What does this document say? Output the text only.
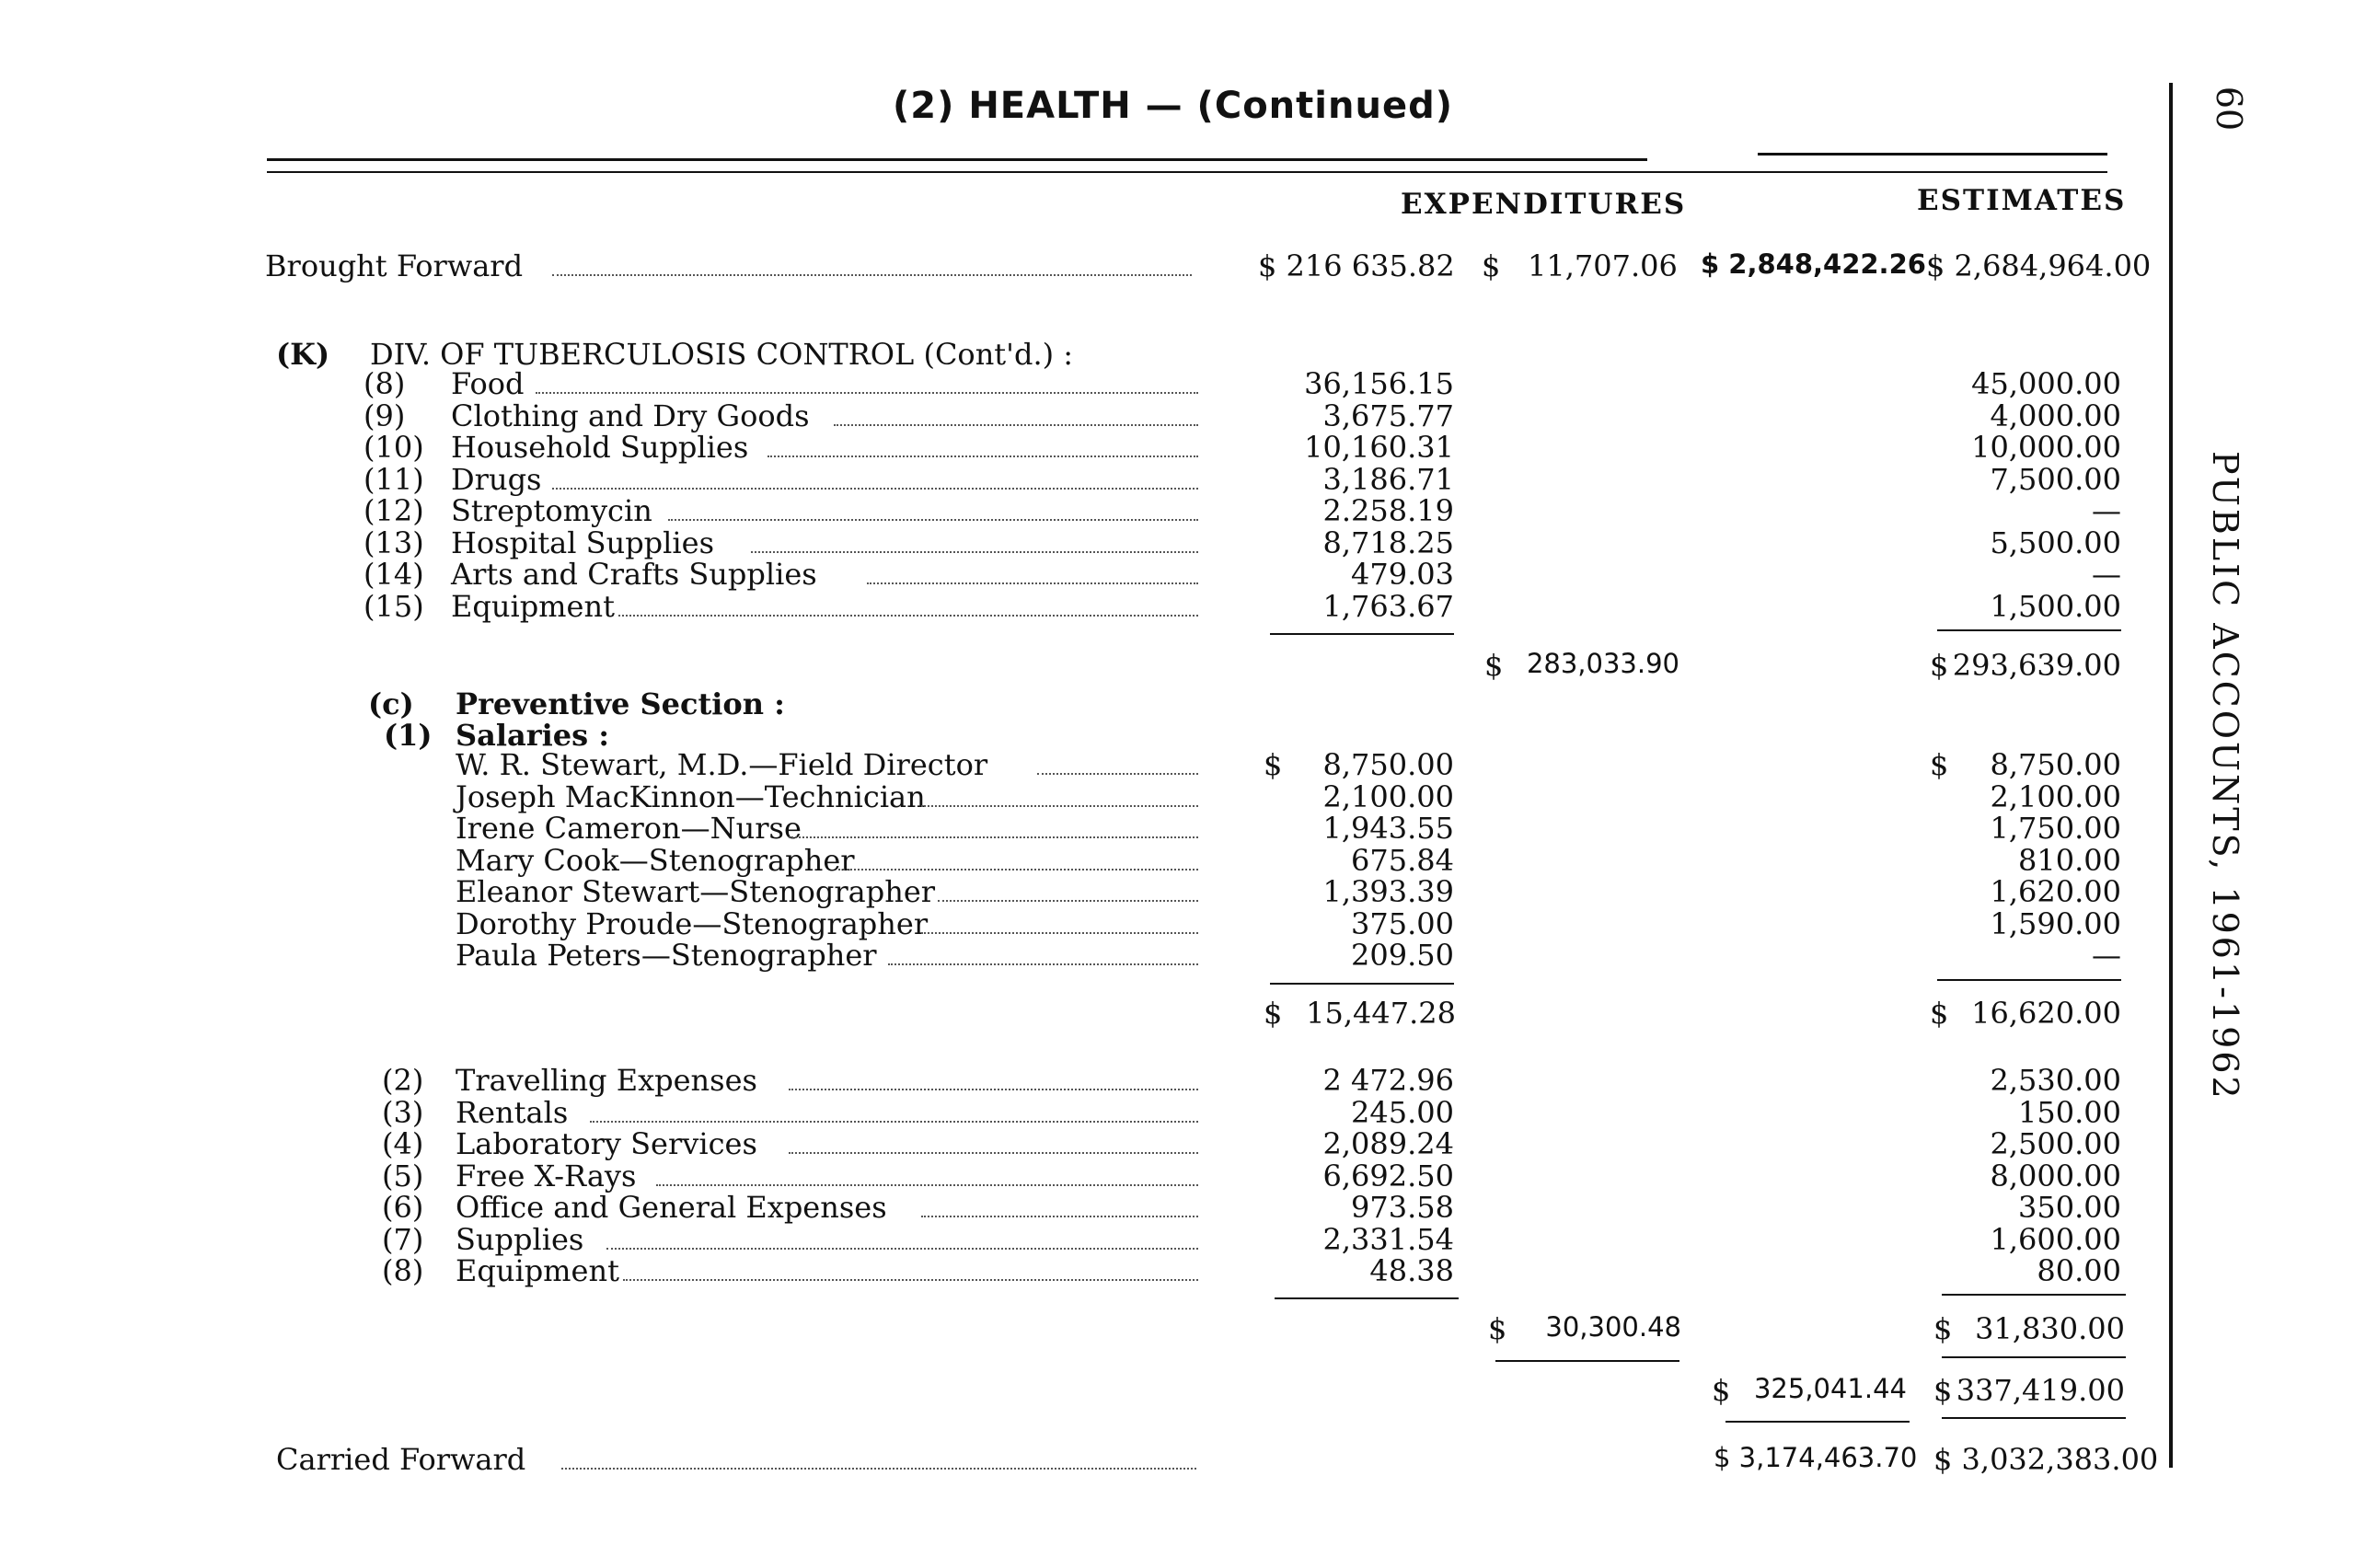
(2) HEALTH — (Continued)	60
PUBLIC ACCOUNTS, 1961-1962
EXPENDITURES	ESTIMATES
Brought Forward	$ 216 635.82 $ 11,707.06 $ 2,848,422.26 $ 2,684,964.00
(K) DIV. OF TUBERCULOSIS CONTROL (Cont'd.) :
(8) Food	36,156.15	45,000.00
(9) Clothing and Dry Goods	3,675.77	4,000.00
(10) Household Supplies	10,160.31	10,000.00
(11) Drugs	3,186.71	7,500.00
(12) Streptomycin	2.258.19	—
(13) Hospital Supplies	8,718.25	5,500.00
(14) Arts and Crafts Supplies	479.03	—
(15) Equipment	1,763.67	1,500.00
$ 283,033.90	$ 293,639.00
(c) Preventive Section :
(1) Salaries :
W. R. Stewart, M.D.—Field Director	8,750.00	8,750.00
$	$
Joseph MacKinnon—Technician	2,100.00	2,100.00
Irene Cameron—Nurse	1,943.55	1,750.00
Mary Cook—Stenographer	675.84	810.00
Eleanor Stewart—Stenographer	1,393.39	1,620.00
Dorothy Proude—Stenographer	375.00	1,590.00
Paula Peters—Stenographer	209.50	—
$ 15,447.28	$ 16,620.00
(2) Travelling Expenses	2 472.96	2,530.00
(3) Rentals	245.00	150.00
(4) Laboratory Services	2,089.24	2,500.00
(5) Free X-Rays	6,692.50	8,000.00
(6) Office and General Expenses	973.58	350.00
(7) Supplies	2,331.54	1,600.00
(8) Equipment	48.38	80.00
$	30,300.48	$ 31,830.00
$ 325,041.44 $ 337,419.00
Carried Forward	$ 3,174,463.70 $ 3,032,383.00
